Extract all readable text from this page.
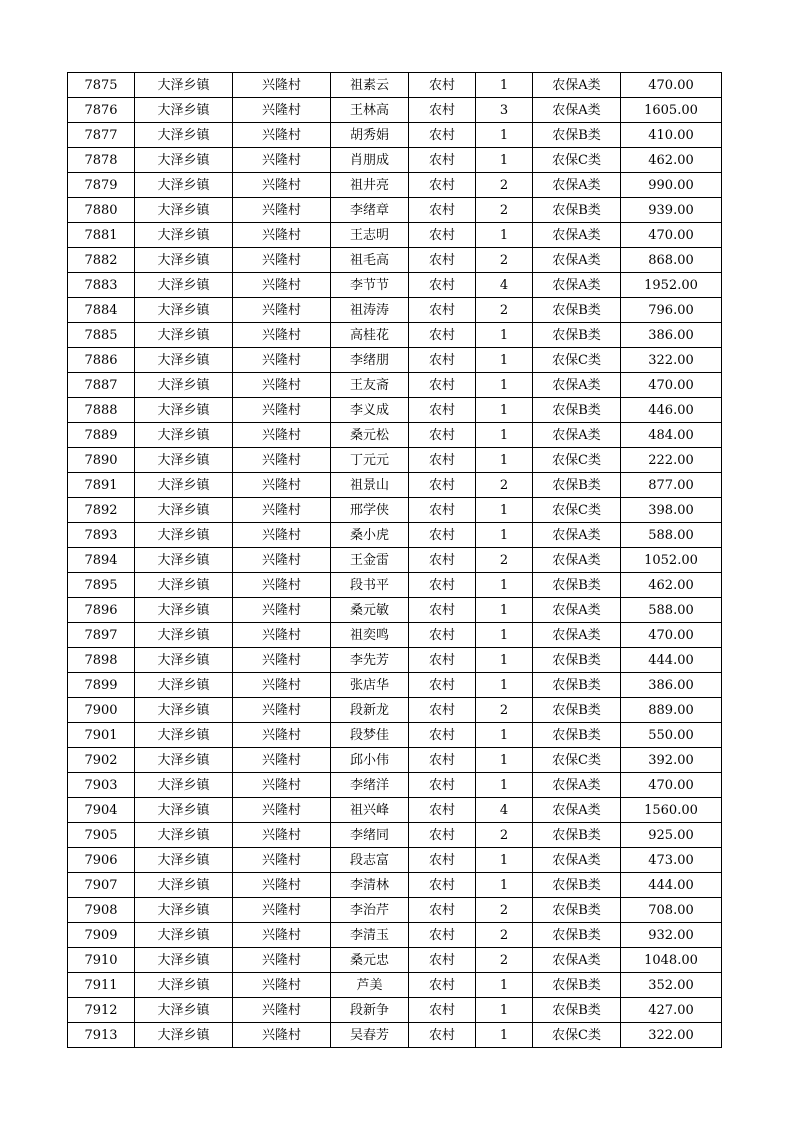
7875	大泽乡镇	兴隆村	祖素云	农村	1	农保A类	470.00
7876	大泽乡镇	兴隆村	王林高	农村	3	农保A类	1605.00
7877	大泽乡镇	兴隆村	胡秀娟	农村	1	农保B类	410.00
7878	大泽乡镇	兴隆村	肖朋成	农村	1	农保C类	462.00
7879	大泽乡镇	兴隆村	祖井亮	农村	2	农保A类	990.00
7880	大泽乡镇	兴隆村	李绪章	农村	2	农保B类	939.00
7881	大泽乡镇	兴隆村	王志明	农村	1	农保A类	470.00
7882	大泽乡镇	兴隆村	祖毛高	农村	2	农保A类	868.00
7883	大泽乡镇	兴隆村	李节节	农村	4	农保A类	1952.00
7884	大泽乡镇	兴隆村	祖涛涛	农村	2	农保B类	796.00
7885	大泽乡镇	兴隆村	高桂花	农村	1	农保B类	386.00
7886	大泽乡镇	兴隆村	李绪朋	农村	1	农保C类	322.00
7887	大泽乡镇	兴隆村	王友斋	农村	1	农保A类	470.00
7888	大泽乡镇	兴隆村	李义成	农村	1	农保B类	446.00
7889	大泽乡镇	兴隆村	桑元松	农村	1	农保A类	484.00
7890	大泽乡镇	兴隆村	丁元元	农村	1	农保C类	222.00
7891	大泽乡镇	兴隆村	祖景山	农村	2	农保B类	877.00
7892	大泽乡镇	兴隆村	邢学侠	农村	1	农保C类	398.00
7893	大泽乡镇	兴隆村	桑小虎	农村	1	农保A类	588.00
7894	大泽乡镇	兴隆村	王金雷	农村	2	农保A类	1052.00
7895	大泽乡镇	兴隆村	段书平	农村	1	农保B类	462.00
7896	大泽乡镇	兴隆村	桑元敏	农村	1	农保A类	588.00
7897	大泽乡镇	兴隆村	祖奕鸣	农村	1	农保A类	470.00
7898	大泽乡镇	兴隆村	李先芳	农村	1	农保B类	444.00
7899	大泽乡镇	兴隆村	张店华	农村	1	农保B类	386.00
7900	大泽乡镇	兴隆村	段新龙	农村	2	农保B类	889.00
7901	大泽乡镇	兴隆村	段梦佳	农村	1	农保B类	550.00
7902	大泽乡镇	兴隆村	邱小伟	农村	1	农保C类	392.00
7903	大泽乡镇	兴隆村	李绪洋	农村	1	农保A类	470.00
7904	大泽乡镇	兴隆村	祖兴峰	农村	4	农保A类	1560.00
7905	大泽乡镇	兴隆村	李绪同	农村	2	农保B类	925.00
7906	大泽乡镇	兴隆村	段志富	农村	1	农保A类	473.00
7907	大泽乡镇	兴隆村	李清林	农村	1	农保B类	444.00
7908	大泽乡镇	兴隆村	李治芹	农村	2	农保B类	708.00
7909	大泽乡镇	兴隆村	李清玉	农村	2	农保B类	932.00
7910	大泽乡镇	兴隆村	桑元忠	农村	2	农保A类	1048.00
7911	大泽乡镇	兴隆村	芦美	农村	1	农保B类	352.00
7912	大泽乡镇	兴隆村	段新争	农村	1	农保B类	427.00
7913	大泽乡镇	兴隆村	吴春芳	农村	1	农保C类	322.00
